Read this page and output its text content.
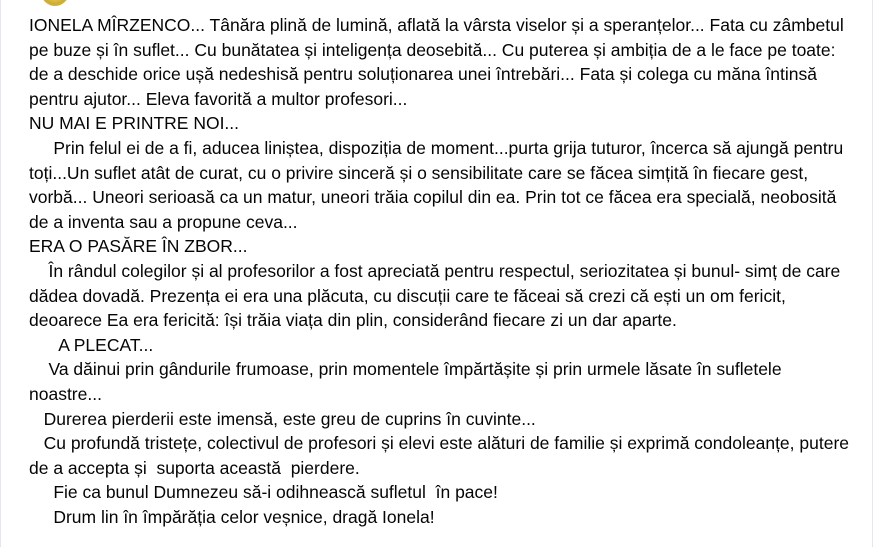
IONELA MÎRZENCO... Tânăra plină de lumină, aflată la vârsta viselor și a speranțelor... Fata cu zâmbetul pe buze și în suflet... Cu bunătatea și inteligența deosebită... Cu puterea și ambiția de a le face pe toate: de a deschide orice ușă nedeshisă pentru soluționarea unei întrebări... Fata și colega cu măna întinsă pentru ajutor... Eleva favorită a multor profesori...

NU MAI E PRINTRE NOI...

Prin felul ei de a fi, aducea liniștea, dispoziția de moment...purta grija tuturor, încerca să ajungă pentru toți...Un suflet atât de curat, cu o privire sinceră și o sensibilitate care se făcea simțită în fiecare gest, vorbă... Uneori serioasă ca un matur, uneori trăia copilul din ea. Prin tot ce făcea era specială, neobosită de a inventa sau a propune ceva...

ERA O PASĂRE ÎN ZBOR...

În rândul colegilor și al profesorilor a fost apreciată pentru respectul, seriozitatea și bunul- simț de care dădea dovadă. Prezența ei era una plăcuta, cu discuții care te făceai să crezi că ești un om fericit, deoarece Ea era fericită: își trăia viața din plin, considerând fiecare zi un dar aparte.

A PLECAT...

Va dăinui prin gândurile frumoase, prin momentele împărtășite și prin urmele lăsate în sufletele noastre...

Durerea pierderii este imensă, este greu de cuprins în cuvinte...

Cu profundă tristețe, colectivul de profesori și elevi este alături de familie și exprimă condoleanțe, putere de a accepta și  suporta această  pierdere.

Fie ca bunul Dumnezeu să-i odihnească sufletul  în pace!

Drum lin în împărăția celor veșnice, dragă Ionela!
